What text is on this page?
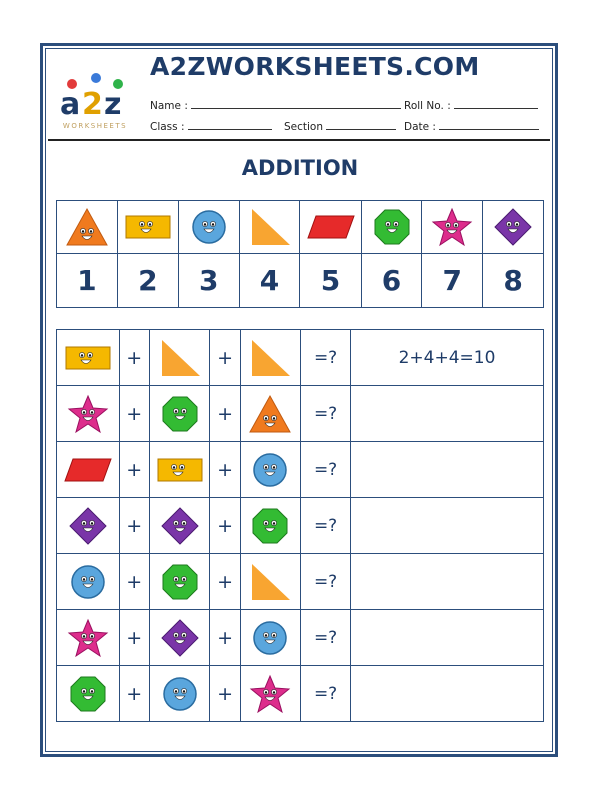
a 2 z
WORKSHEETS
A2ZWORKSHEETS.COM
Name :	Roll No. :
Class :	Section	Date :
ADDITION

1	2	3	4	5	6	7	8
	+		+		=?	2+4+4=10

	+		+		=?	

	+		+		=?	

	+		+		=?	

	+		+		=?	

	+		+		=?	

	+		+		=?	
